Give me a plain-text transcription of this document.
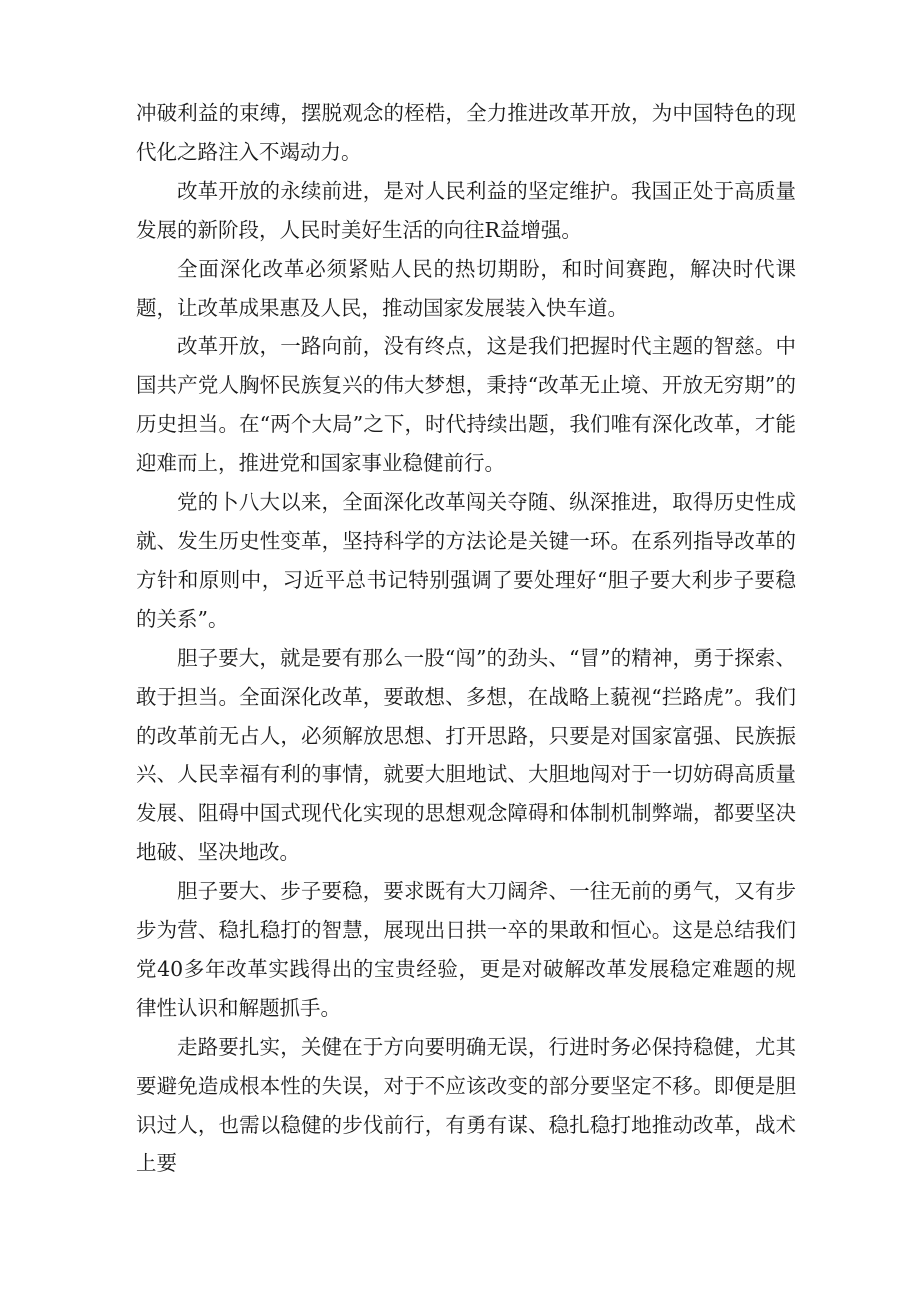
冲破利益的束缚，摆脱观念的桎梏，全力推进改革开放，为中国特色的现代化之路注入不竭动力。

改革开放的永续前进，是对人民利益的坚定维护。我国正处于高质量发展的新阶段，人民时美好生活的向往R益增强。

全面深化改革必须紧贴人民的热切期盼，和时间赛跑，解决时代课题，让改革成果惠及人民，推动国家发展装入快车道。

改革开放，一路向前，没有终点，这是我们把握时代主题的智慈。中国共产党人胸怀民族复兴的伟大梦想，秉持“改革无止境、开放无穷期”的历史担当。在“两个大局”之下，时代持续出题，我们唯有深化改革，才能迎难而上，推进党和国家事业稳健前行。

党的卜八大以来，全面深化改革闯关夺随、纵深推进，取得历史性成就、发生历史性变革，坚持科学的方法论是关键一环。在系列指导改革的方针和原则中，习近平总书记特别强调了要处理好“胆子要大利步子要稳的关系”。

胆子要大，就是要有那么一股“闯”的劲头、“冒”的精神，勇于探索、敢于担当。全面深化改革，要敢想、多想，在战略上藐视“拦路虎”。我们的改革前无占人，必须解放思想、打开思路，只要是对国家富强、民族振兴、人民幸福有利的事情，就要大胆地试、大胆地闯对于一切妨碍高质量发展、阻碍中国式现代化实现的思想观念障碍和体制机制弊端，都要坚决地破、坚决地改。

胆子要大、步子要稳，要求既有大刀阔斧、一往无前的勇气，又有步步为营、稳扎稳打的智慧，展现出日拱一卒的果敢和恒心。这是总结我们党40多年改革实践得出的宝贵经验，更是对破解改革发展稳定难题的规律性认识和解题抓手。

走路要扎实，关健在于方向要明确无误，行进时务必保持稳健，尤其要避免造成根本性的失误，对于不应该改变的部分要坚定不移。即便是胆识过人，也需以稳健的步伐前行，有勇有谋、稳扎稳打地推动改革，战术上要
